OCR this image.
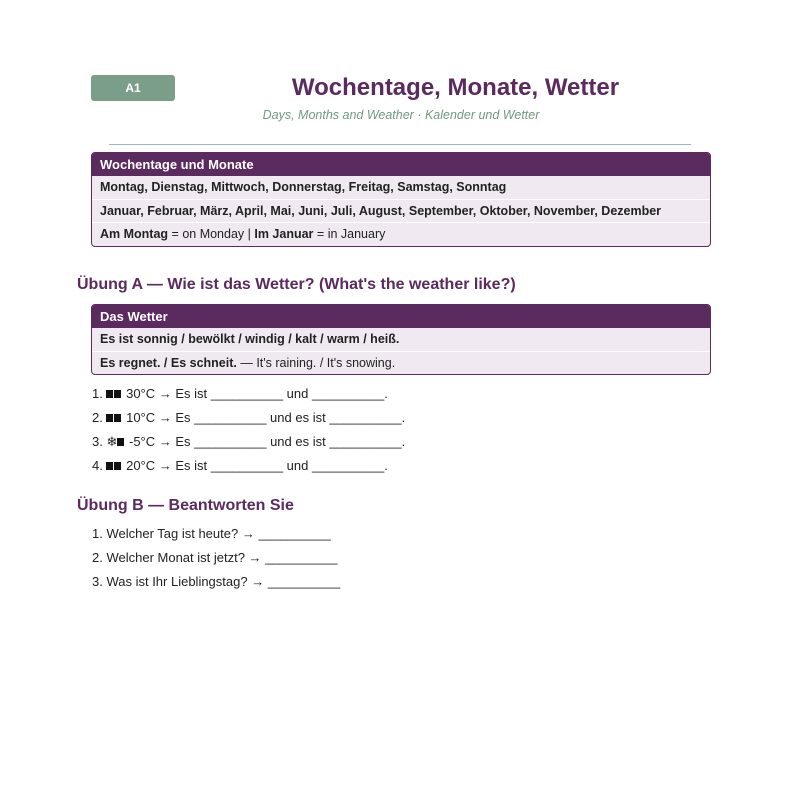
A1	Wochentage, Monate, Wetter
Days, Months and Weather · Kalender und Wetter
Wochentage und Monate
Montag, Dienstag, Mittwoch, Donnerstag, Freitag, Samstag, Sonntag
Januar, Februar, März, April, Mai, Juni, Juli, August, September, Oktober, November, Dezember
Am Montag = on Monday | Im Januar = in January
Übung A — Wie ist das Wetter? (What's the weather like?)
Das Wetter
Es ist sonnig / bewölkt / windig / kalt / warm / heiß.
Es regnet. / Es schneit. — It's raining. / It's snowing.
1. 30°C → Es ist __________ und __________.
2. 10°C → Es __________ und es ist __________.
3. ❄ -5°C → Es __________ und es ist __________.
4. 20°C → Es ist __________ und __________.
Übung B — Beantworten Sie
1. Welcher Tag ist heute? → __________
2. Welcher Monat ist jetzt? → __________
3. Was ist Ihr Lieblingstag? → __________
